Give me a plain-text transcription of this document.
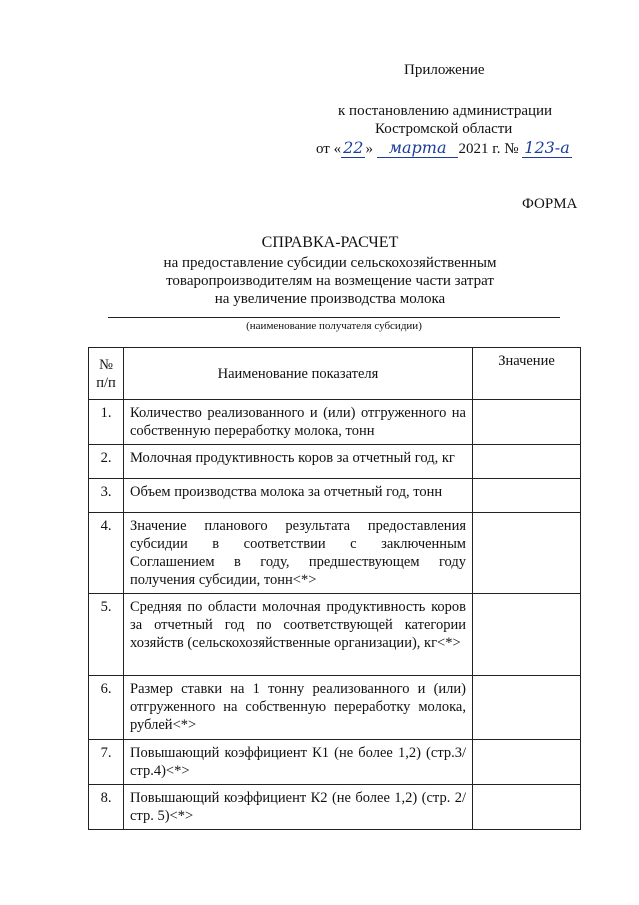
Приложение
к постановлению администрации
Костромской области
от « 22 » марта 2021 г. № 123-а
ФОРМА
СПРАВКА-РАСЧЕТ
на предоставление субсидии сельскохозяйственным
товаропроизводителям на возмещение части затрат
на увеличение производства молока
(наименование получателя субсидии)
№ п/п	Наименование показателя	Значение
1.	Количество реализованного и (или) отгруженного на собственную переработку молока, тонн	
2.	Молочная продуктивность коров за отчетный год, кг	
3.	Объем производства молока за отчетный год, тонн	
4.	Значение планового результата предоставления субсидии в соответствии с заключенным Соглашением в году, предшествующем году получения субсидии, тонн<*>	
5.	Средняя по области молочная продуктивность коров за отчетный год по соответствующей категории хозяйств (сельскохозяйственные организации), кг<*>	
6.	Размер ставки на 1 тонну реализованного и (или) отгруженного на собственную переработку молока, рублей<*>	
7.	Повышающий коэффициент К1 (не более 1,2) (стр.3/стр.4)<*>	
8.	Повышающий коэффициент К2 (не более 1,2) (стр. 2/стр. 5)<*>	
